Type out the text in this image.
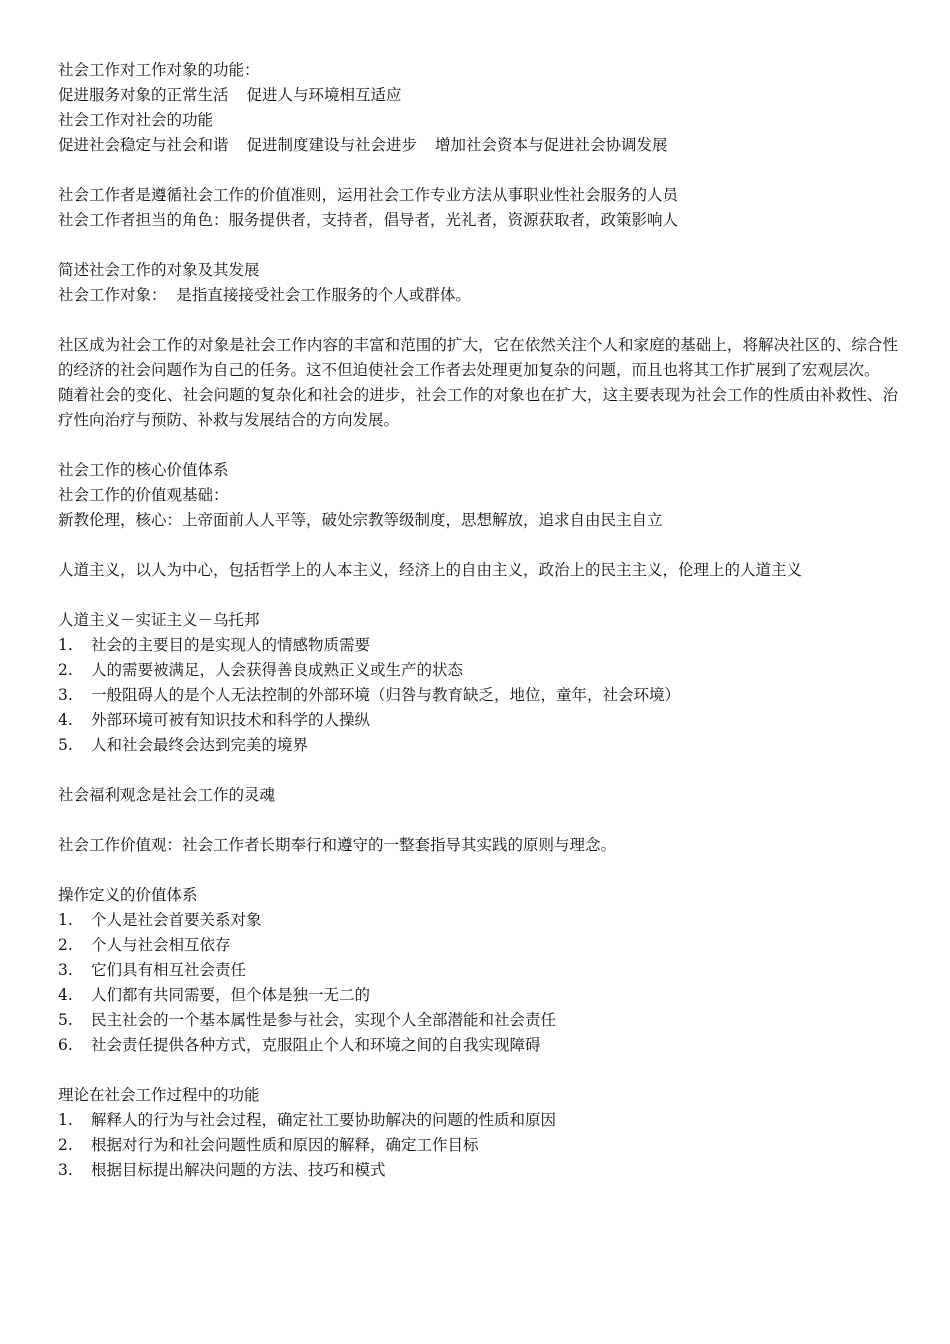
社会工作对工作对象的功能：

促进服务对象的正常生活 促进人与环境相互适应

社会工作对社会的功能

促进社会稳定与社会和谐 促进制度建设与社会进步 增加社会资本与促进社会协调发展

社会工作者是遵循社会工作的价值准则，运用社会工作专业方法从事职业性社会服务的人员

社会工作者担当的角色：服务提供者，支持者，倡导者，光礼者，资源获取者，政策影响人

简述社会工作的对象及其发展

社会工作对象：  是指直接接受社会工作服务的个人或群体。

社区成为社会工作的对象是社会工作内容的丰富和范围的扩大，它在依然关注个人和家庭的基础上，将解决社区的、综合性的经济的社会问题作为自己的任务。这不但迫使社会工作者去处理更加复杂的问题，而且也将其工作扩展到了宏观层次。

随着社会的变化、社会问题的复杂化和社会的进步，社会工作的对象也在扩大，这主要表现为社会工作的性质由补救性、治疗性向治疗与预防、补救与发展结合的方向发展。

社会工作的核心价值体系

社会工作的价值观基础：

新教伦理，核心：上帝面前人人平等，破处宗教等级制度，思想解放，追求自由民主自立

人道主义，以人为中心，包括哲学上的人本主义，经济上的自由主义，政治上的民主主义，伦理上的人道主义

人道主义－实证主义－乌托邦

1.	社会的主要目的是实现人的情感物质需要
2.	人的需要被满足，人会获得善良成熟正义或生产的状态
3.	一般阻碍人的是个人无法控制的外部环境（归咎与教育缺乏，地位，童年，社会环境）
4.	外部环境可被有知识技术和科学的人操纵
5.	人和社会最终会达到完美的境界

社会福利观念是社会工作的灵魂

社会工作价值观：社会工作者长期奉行和遵守的一整套指导其实践的原则与理念。

操作定义的价值体系

1.	个人是社会首要关系对象
2.	个人与社会相互依存
3.	它们具有相互社会责任
4.	人们都有共同需要，但个体是独一无二的
5.	民主社会的一个基本属性是参与社会，实现个人全部潜能和社会责任
6.	社会责任提供各种方式，克服阻止个人和环境之间的自我实现障碍

理论在社会工作过程中的功能

1.	解释人的行为与社会过程，确定社工要协助解决的问题的性质和原因
2.	根据对行为和社会问题性质和原因的解释，确定工作目标
3.	根据目标提出解决问题的方法、技巧和模式
